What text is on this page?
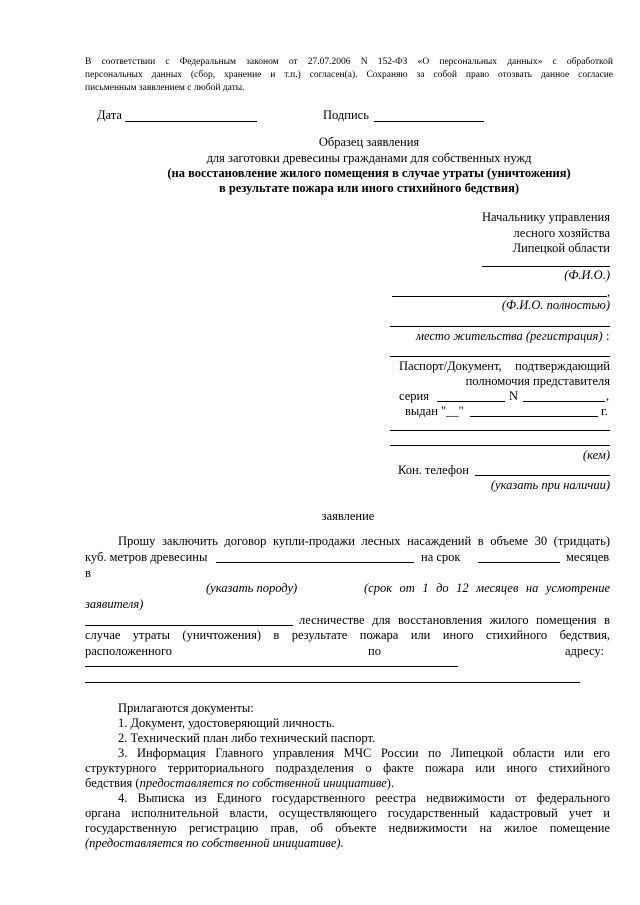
В соответствии с Федеральным законом от 27.07.2006 N 152-ФЗ «О персональных данных» с обработкой
персональных данных (сбор, хранение и т.п.) согласен(а). Сохраняю за собой право отозвать данное согласие
письменным заявлением с любой даты.
Дата	Подпись
Образец заявления
для заготовки древесины гражданами для собственных нужд
(на восстановление жилого помещения в случае утраты (уничтожения)
в результате пожара или иного стихийного бедствия)
Начальнику управления
лесного хозяйства
Липецкой области
(Ф.И.О.)
,
(Ф.И.О. полностью)
место жительства (регистрация) :
Паспорт/Документ, подтверждающий
полномочия представителя
серия	N	,
выдан "__"	г.
(кем)
Кон. телефон
(указать при наличии)
заявление
Прошу заключить договор купли-продажи лесных насаждений в объеме 30 (тридцать)
куб. метров древесины	на срок	месяцев
в
(указать породу)	(срок от 1 до 12 месяцев на усмотрение
заявителя)
лесничестве для восстановления жилого помещения в
случае утраты (уничтожения) в результате пожара или иного стихийного бедствия,
расположенного	по	адресу:
Прилагаются документы:
1. Документ, удостоверяющий личность.
2. Технический план либо технический паспорт.
3. Информация Главного управления МЧС России по Липецкой области или его
структурного территориального подразделения о факте пожара или иного стихийного
бедствия (предоставляется по собственной инициативе).
4. Выписка из Единого государственного реестра недвижимости от федерального
органа исполнительной власти, осуществляющего государственный кадастровый учет и
государственную регистрацию прав, об объекте недвижимости на жилое помещение
(предоставляется по собственной инициативе).
